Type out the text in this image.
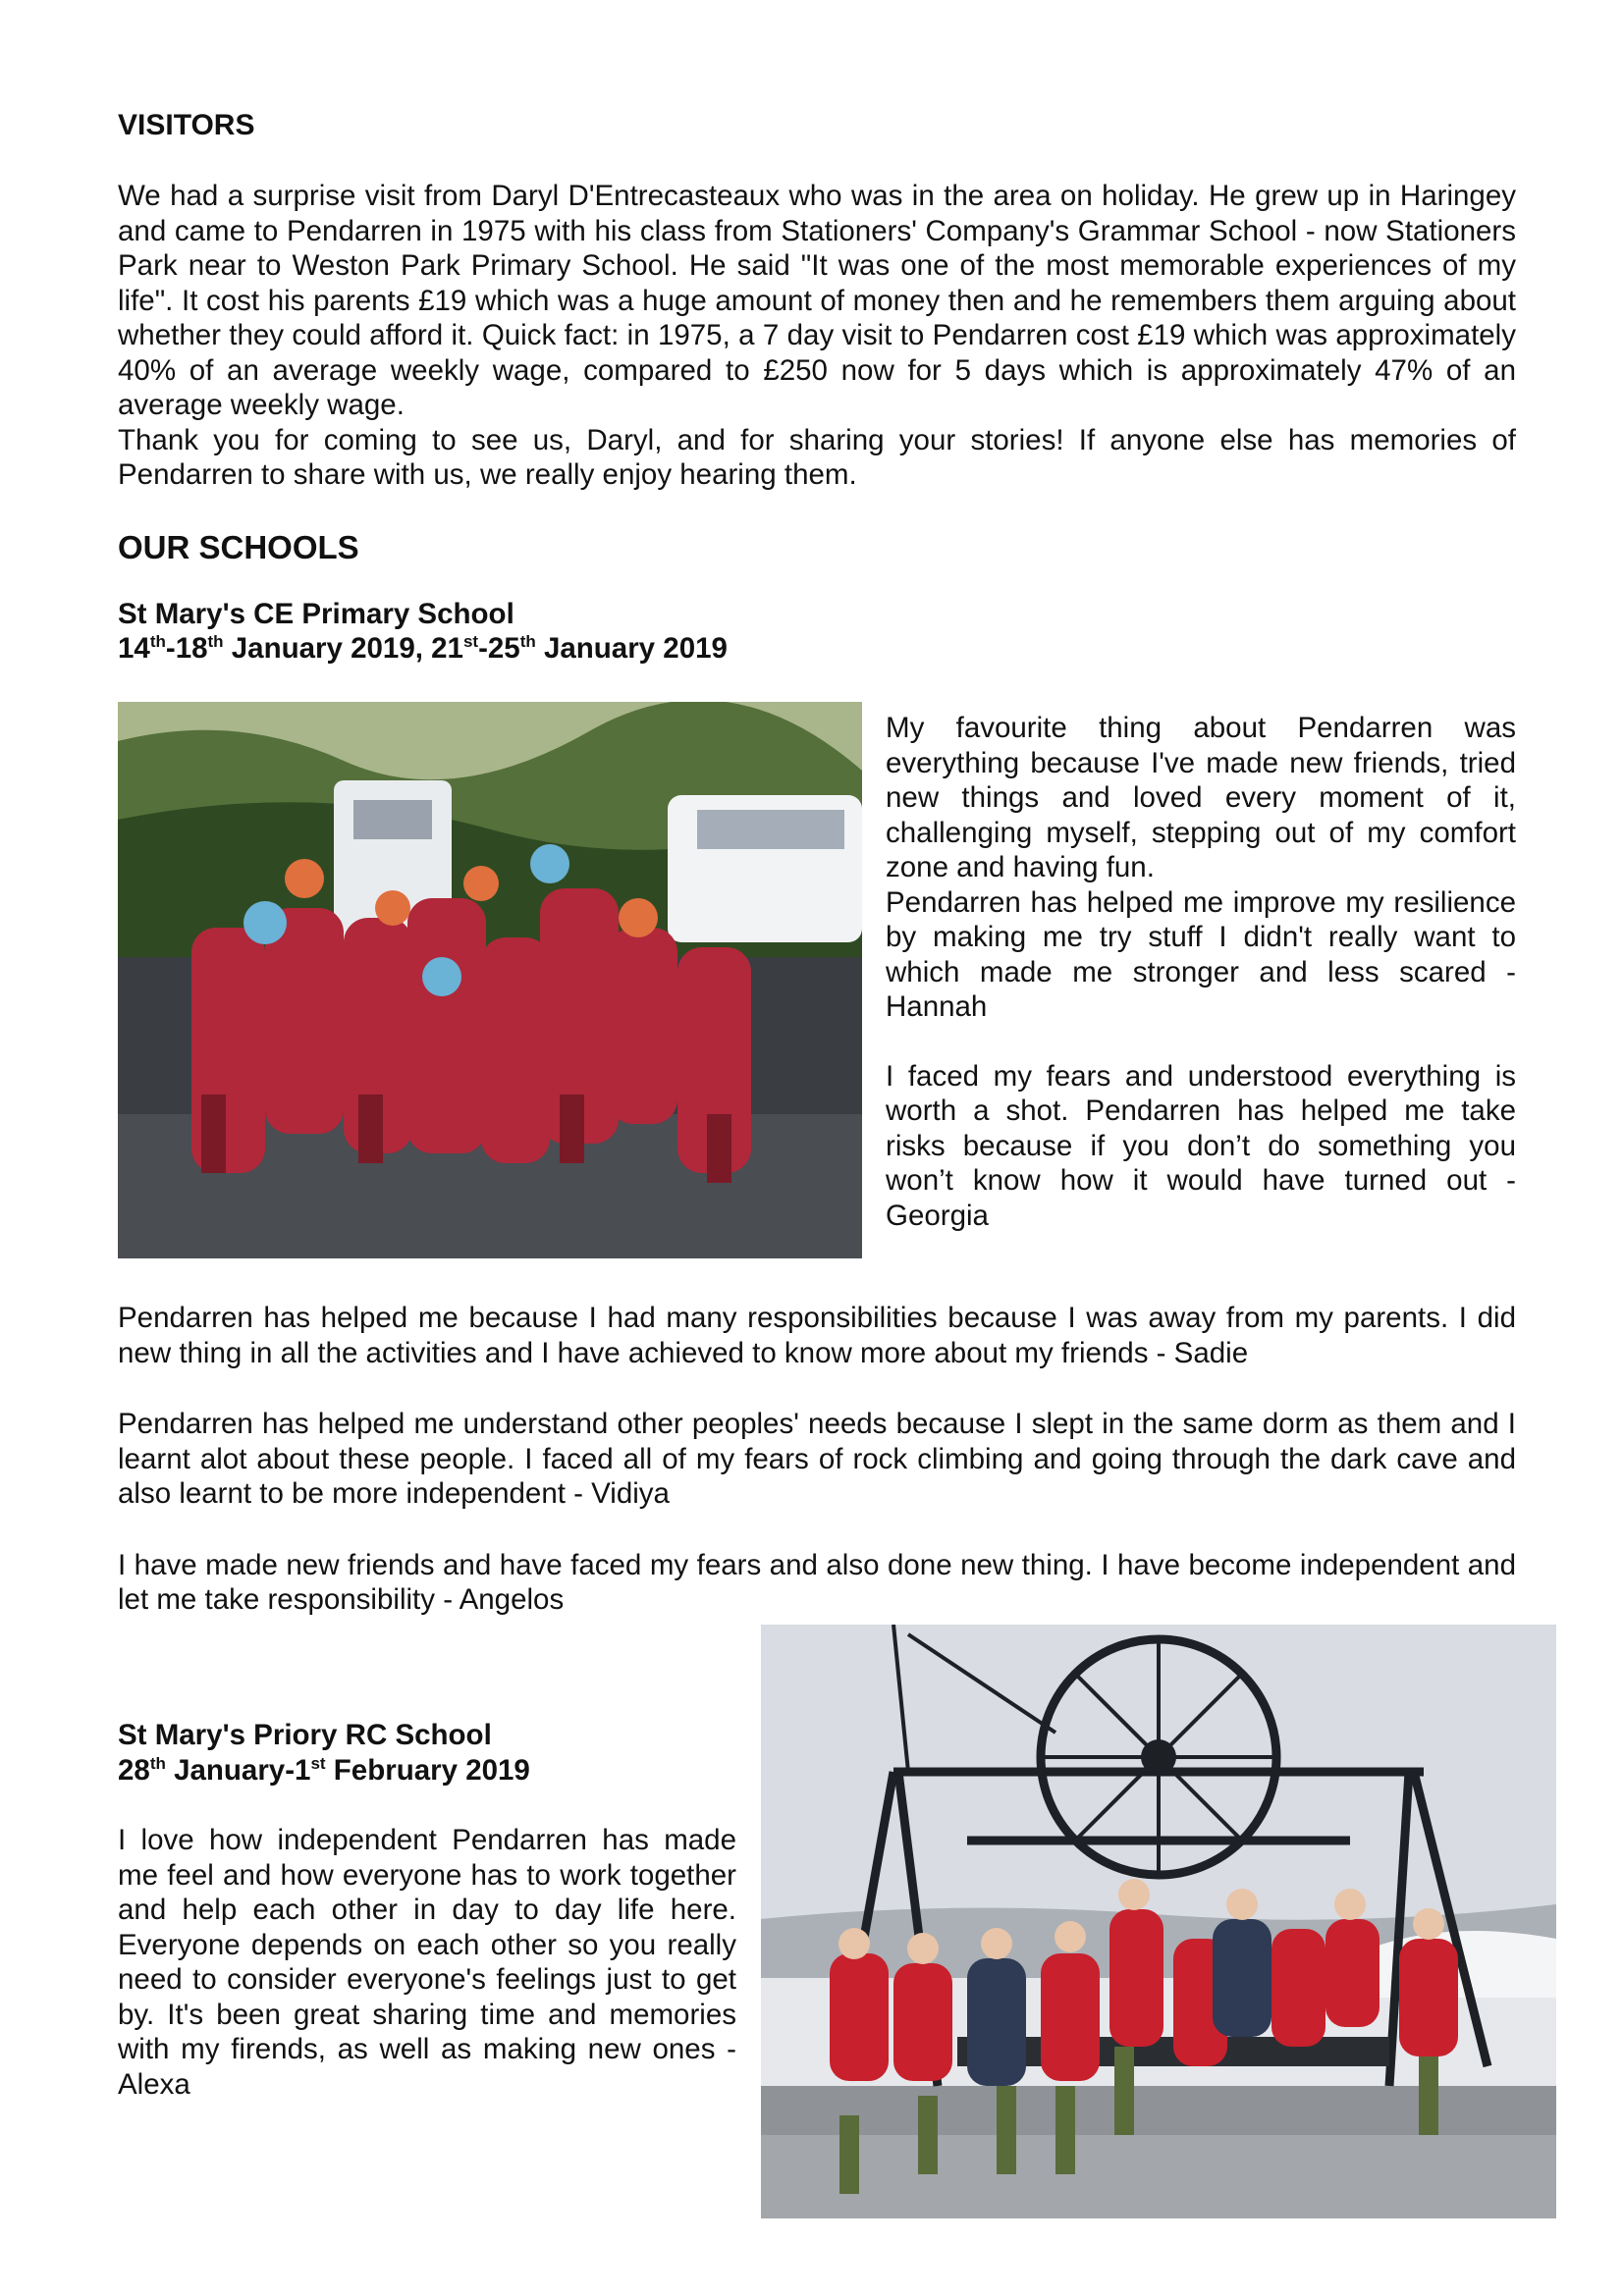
VISITORS

We had a surprise visit from Daryl D'Entrecasteaux who was in the area on holiday. He grew up in Haringey and came to Pendarren in 1975 with his class from Stationers' Company's Grammar School - now Stationers Park near to Weston Park Primary School. He said "It was one of the most memorable experiences of my life". It cost his parents £19 which was a huge amount of money then and he remembers them arguing about whether they could afford it. Quick fact: in 1975, a 7 day visit to Pendarren cost £19 which was approximately 40% of an average weekly wage, compared to £250 now for 5 days which is approximately 47% of an average weekly wage.

Thank you for coming to see us, Daryl, and for sharing your stories! If anyone else has memories of Pendarren to share with us, we really enjoy hearing them.

OUR SCHOOLS

St Mary's CE Primary School

14th-18th January 2019, 21st-25th January 2019

My favourite thing about Pendarren was everything because I've made new friends, tried new things and loved every moment of it, challenging myself, stepping out of my comfort zone and having fun.

Pendarren has helped me improve my resilience by making me try stuff I didn't really want to which made me stronger and less scared - Hannah

I faced my fears and understood everything is worth a shot. Pendarren has helped me take risks because if you don’t do something you won’t know how it would have turned out - Georgia

Pendarren has helped me because I had many responsibilities because I was away from my parents. I did new thing in all the activities and I have achieved to know more about my friends - Sadie

Pendarren has helped me understand other peoples' needs because I slept in the same dorm as them and I learnt alot about these people. I faced all of my fears of rock climbing and going through the dark cave and also learnt to be more independent - Vidiya

I have made new friends and have faced my fears and also done new thing. I have become independent and let me take responsibility - Angelos

St Mary's Priory RC School

28th January-1st February 2019

I love how independent Pendarren has made me feel and how everyone has to work together and help each other in day to day life here. Everyone depends on each other so you really need to consider everyone's feelings just to get by. It's been great sharing time and memories with my firends, as well as making new ones - Alexa
